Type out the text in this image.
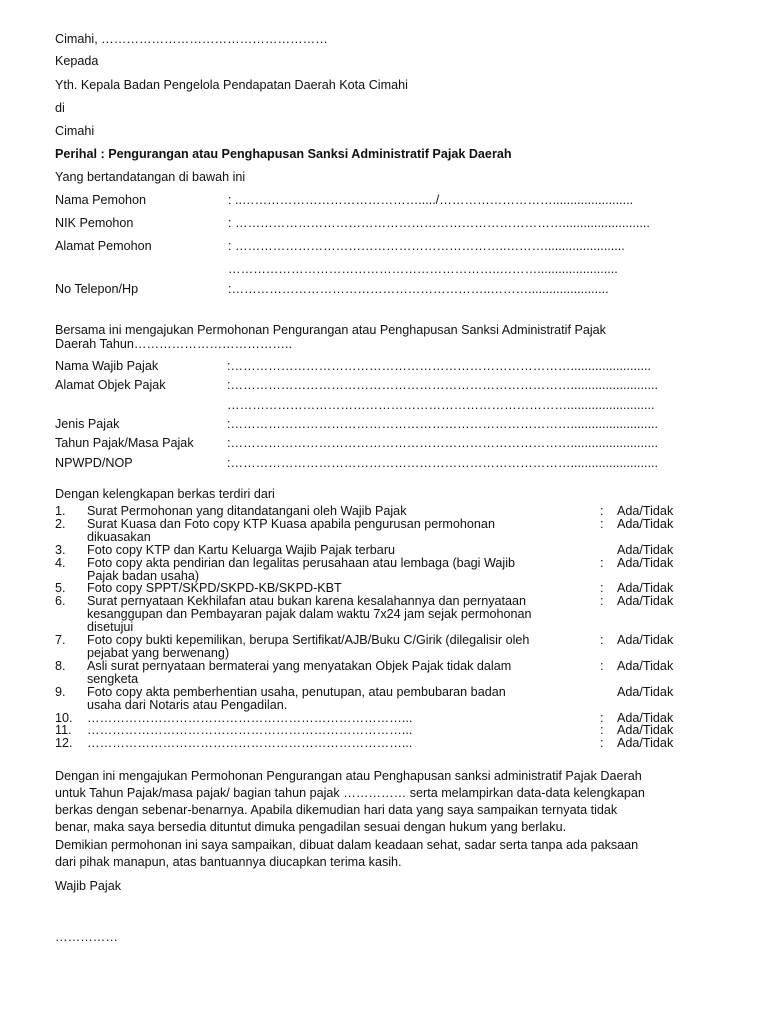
Cimahi, ………………………………………………
Kepada
Yth. Kepala Badan Pengelola Pendapatan Daerah Kota Cimahi
di
Cimahi
Perihal : Pengurangan atau Penghapusan Sanksi Administratif Pajak Daerah
Yang bertandatangan di bawah ini
Nama Pemohon	: ..……………………………………...../……………………….......................
NIK Pemohon	: …………………………………………………………………….........................
Alamat Pemohon	: ………………………………………………………..……….......................
………………………………………………………..……….......................
No Telepon/Hp	:……………………………………………………..……….......................
Bersama ini mengajukan Permohonan Pengurangan atau Penghapusan Sanksi Administratif Pajak
Daerah Tahun………………………………..
Nama Wajib Pajak	:……………………………………………………………………….......................
Alamat Objek Pajak	:……………………………………………………………………….........................
……………………………………………………………………….........................
Jenis Pajak	:……………………………………………………………………….........................
Tahun Pajak/Masa Pajak	:……………………………………………………………………….........................
NPWPD/NOP	:……………………………………………………………………….........................
Dengan kelengkapan berkas terdiri dari
1. Surat Permohonan yang ditandatangani oleh Wajib Pajak	: Ada/Tidak
2. Surat Kuasa dan Foto copy KTP Kuasa apabila pengurusan permohonan
dikuasakan
: Ada/Tidak
3. Foto copy KTP dan Kartu Keluarga Wajib Pajak terbaru	Ada/Tidak
4. Foto copy akta pendirian dan legalitas perusahaan atau lembaga (bagi Wajib
Pajak badan usaha)
: Ada/Tidak
5. Foto copy SPPT/SKPD/SKPD-KB/SKPD-KBT	: Ada/Tidak
6. Surat pernyataan Kekhilafan atau bukan karena kesalahannya dan pernyataan
kesanggupan dan Pembayaran pajak dalam waktu 7x24 jam sejak permohonan
disetujui
: Ada/Tidak
7. Foto copy bukti kepemilikan, berupa Sertifikat/AJB/Buku C/Girik (dilegalisir oleh
pejabat yang berwenang)
: Ada/Tidak
8. Asli surat pernyataan bermaterai yang menyatakan Objek Pajak tidak dalam
sengketa
: Ada/Tidak
9. Foto copy akta pemberhentian usaha, penutupan, atau pembubaran badan
usaha dari Notaris atau Pengadilan.
Ada/Tidak
10. …………………………………………………………………...	: Ada/Tidak
11. …………………………………………………………………...	: Ada/Tidak
12. …………………………………………………………………...	: Ada/Tidak
Dengan ini mengajukan Permohonan Pengurangan atau Penghapusan sanksi administratif Pajak Daerah
untuk Tahun Pajak/masa pajak/ bagian tahun pajak …………… serta melampirkan data-data kelengkapan
berkas dengan sebenar-benarnya. Apabila dikemudian hari data yang saya sampaikan ternyata tidak
benar, maka saya bersedia dituntut dimuka pengadilan sesuai dengan hukum yang berlaku.
Demikian permohonan ini saya sampaikan, dibuat dalam keadaan sehat, sadar serta tanpa ada paksaan
dari pihak manapun, atas bantuannya diucapkan terima kasih.
Wajib Pajak
……………
